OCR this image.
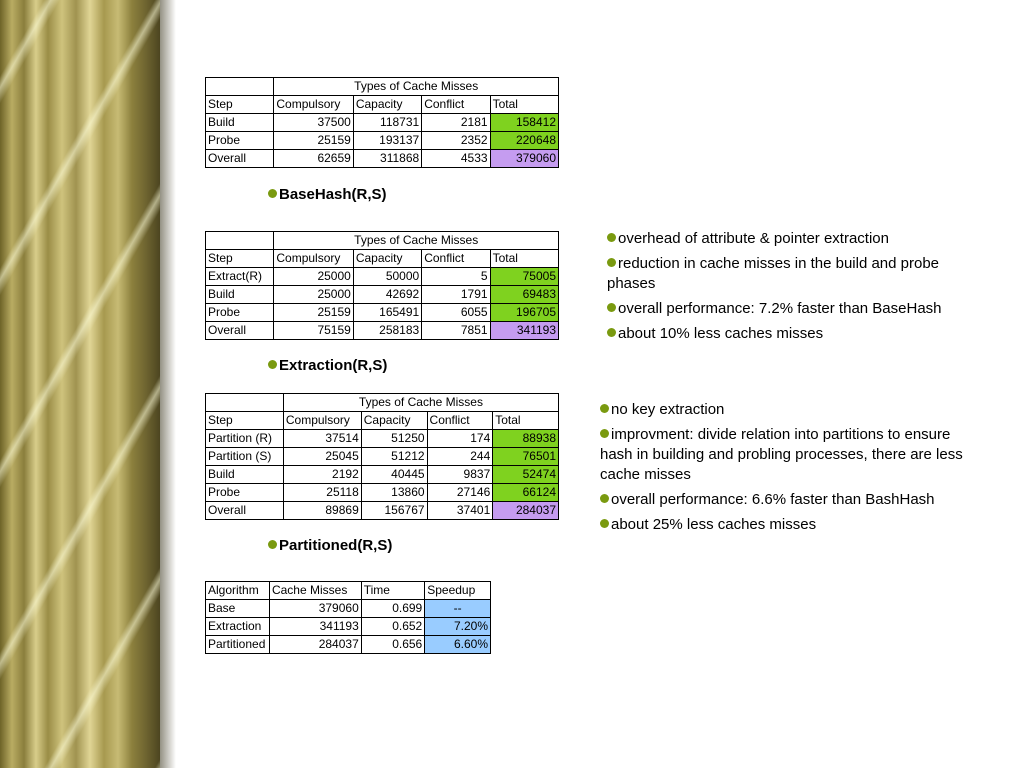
	Types of Cache Misses			
Step	Compulsory	Capacity	Conflict	Total
Build	37500	118731	2181	158412
Probe	25159	193137	2352	220648
Overall	62659	311868	4533	379060
BaseHash(R,S)
	Types of Cache Misses			
Step	Compulsory	Capacity	Conflict	Total
Extract(R)	25000	50000	5	75005
Build	25000	42692	1791	69483
Probe	25159	165491	6055	196705
Overall	75159	258183	7851	341193
Extraction(R,S)

overhead of attribute & pointer extraction

reduction in cache misses in the build and probe phases

overall performance: 7.2% faster than BaseHash

about 10% less caches misses

	Types of Cache Misses			
Step	Compulsory	Capacity	Conflict	Total
Partition (R)	37514	51250	174	88938
Partition (S)	25045	51212	244	76501
Build	2192	40445	9837	52474
Probe	25118	13860	27146	66124
Overall	89869	156767	37401	284037
Partitioned(R,S)

no key extraction

improvment: divide relation into partitions to ensure hash in building and probling processes, there are less cache misses

overall performance: 6.6% faster than BashHash

about 25% less caches misses

Algorithm	Cache Misses	Time	Speedup
Base	379060	0.699	--
Extraction	341193	0.652	7.20%
Partitioned	284037	0.656	6.60%
